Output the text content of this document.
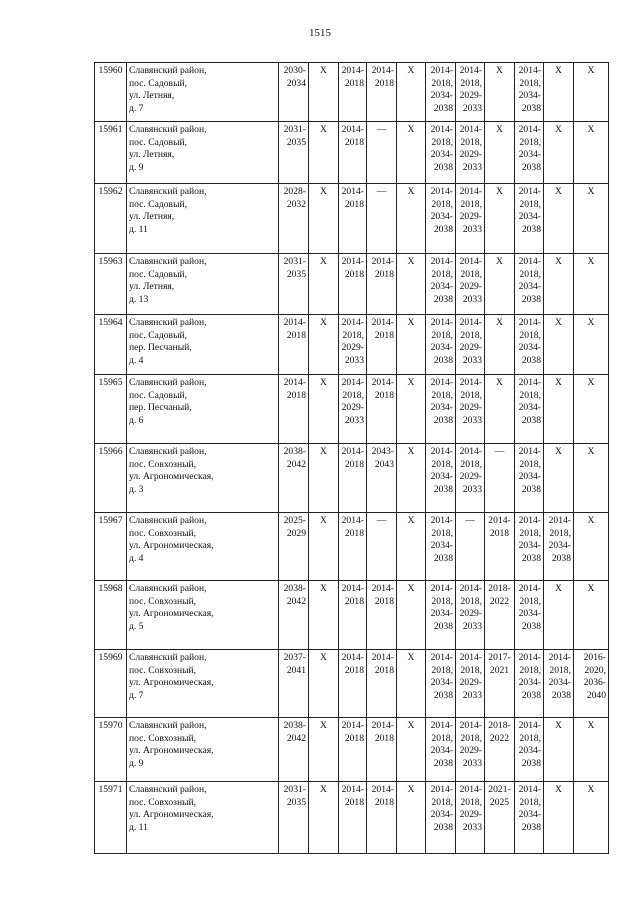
1515
15960	Славянский район,
пос. Садовый,
ул. Летняя,
д. 7	2030-
2034	X	2014-
2018	2014-
2018	X	2014-
2018,
2034-
2038	2014-
2018,
2029-
2033	X	2014-
2018,
2034-
2038	X	X

15961	Славянский район,
пос. Садовый,
ул. Летняя,
д. 9	2031-
2035	X	2014-
2018	—	X	2014-
2018,
2034-
2038	2014-
2018,
2029-
2033	X	2014-
2018,
2034-
2038	X	X

15962	Славянский район,
пос. Садовый,
ул. Летняя,
д. 11	2028-
2032	X	2014-
2018	—	X	2014-
2018,
2034-
2038	2014-
2018,
2029-
2033	X	2014-
2018,
2034-
2038	X	X

15963	Славянский район,
пос. Садовый,
ул. Летняя,
д. 13	2031-
2035	X	2014-
2018	2014-
2018	X	2014-
2018,
2034-
2038	2014-
2018,
2029-
2033	X	2014-
2018,
2034-
2038	X	X

15964	Славянский район,
пос. Садовый,
пер. Песчаный,
д. 4	2014-
2018	X	2014-
2018,
2029-
2033	2014-
2018	X	2014-
2018,
2034-
2038	2014-
2018,
2029-
2033	X	2014-
2018,
2034-
2038	X	X

15965	Славянский район,
пос. Садовый,
пер. Песчаный,
д. 6	2014-
2018	X	2014-
2018,
2029-
2033	2014-
2018	X	2014-
2018,
2034-
2038	2014-
2018,
2029-
2033	X	2014-
2018,
2034-
2038	X	X

15966	Славянский район,
пос. Совхозный,
ул. Агрономическая,
д. 3	2038-
2042	X	2014-
2018	2043-
2043	X	2014-
2018,
2034-
2038	2014-
2018,
2029-
2033	—	2014-
2018,
2034-
2038	X	X

15967	Славянский район,
пос. Совхозный,
ул. Агрономическая,
д. 4	2025-
2029	X	2014-
2018	—	X	2014-
2018,
2034-
2038	—	2014-
2018	2014-
2018,
2034-
2038	2014-
2018,
2034-
2038	X

15968	Славянский район,
пос. Совхозный,
ул. Агрономическая,
д. 5	2038-
2042	X	2014-
2018	2014-
2018	X	2014-
2018,
2034-
2038	2014-
2018,
2029-
2033	2018-
2022	2014-
2018,
2034-
2038	X	X

15969	Славянский район,
пос. Совхозный,
ул. Агрономическая,
д. 7	2037-
2041	X	2014-
2018	2014-
2018	X	2014-
2018,
2034-
2038	2014-
2018,
2029-
2033	2017-
2021	2014-
2018,
2034-
2038	2014-
2018,
2034-
2038	2016-
2020,
2036-
2040

15970	Славянский район,
пос. Совхозный,
ул. Агрономическая,
д. 9	2038-
2042	X	2014-
2018	2014-
2018	X	2014-
2018,
2034-
2038	2014-
2018,
2029-
2033	2018-
2022	2014-
2018,
2034-
2038	X	X

15971	Славянский район,
пос. Совхозный,
ул. Агрономическая,
д. 11	2031-
2035	X	2014-
2018	2014-
2018	X	2014-
2018,
2034-
2038	2014-
2018,
2029-
2033	2021-
2025	2014-
2018,
2034-
2038	X	X
